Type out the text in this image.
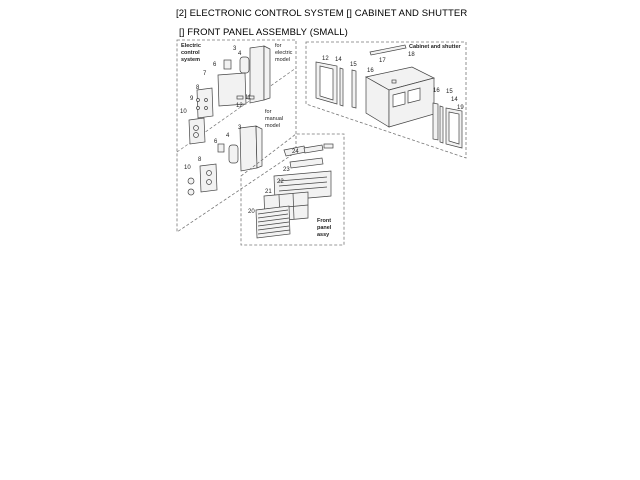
[2] ELECTRONIC CONTROL SYSTEM [] CABINET AND SHUTTER
[] FRONT PANEL ASSEMBLY (SMALL)
Electric
control
system
for
electric
model
for
manual
model
3
4
6
7
8
9
10
11
12
3
4
6
8
10
Cabinet and shutter
18
12 14
15
16
17
16 15
14
19
Front
panel
assy
24
23
22
21
20
